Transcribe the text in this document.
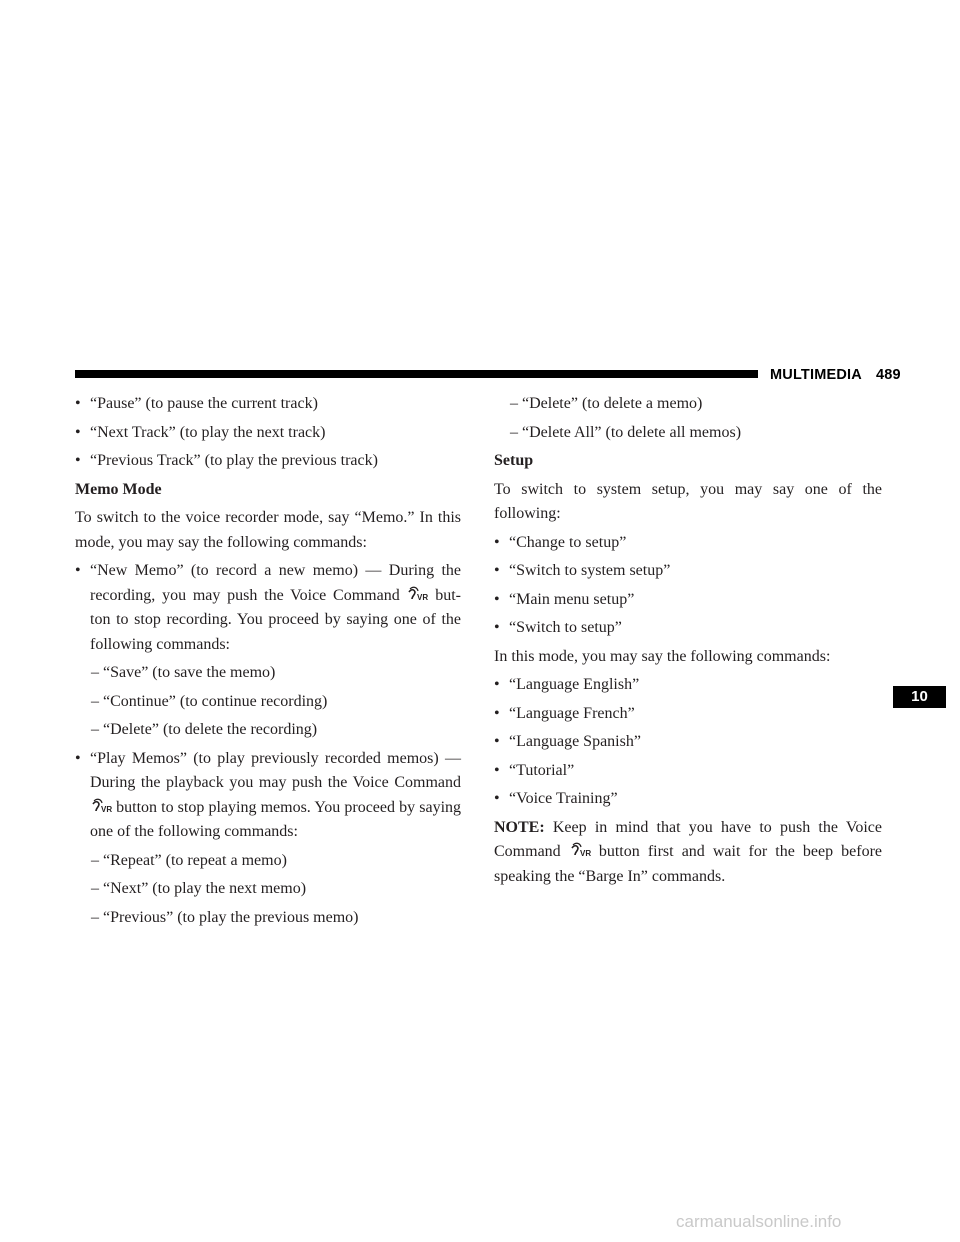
MULTIMEDIA 489
• “Pause” (to pause the current track)
• “Next Track” (to play the next track)
• “Previous Track” (to play the previous track)
Memo Mode
To switch to the voice recorder mode, say “Memo.” In this mode, you may say the following commands:
• “New Memo” (to record a new memo) — During the recording, you may push the Voice Command VR but- ton to stop recording. You proceed by saying one of the following commands:
– “Save” (to save the memo)
– “Continue” (to continue recording)
– “Delete” (to delete the recording)
• “Play Memos” (to play previously recorded memos) — During the playback you may push the Voice Command
VR button to stop playing memos. You proceed by saying one of the following commands:
– “Repeat” (to repeat a memo)
– “Next” (to play the next memo)
– “Previous” (to play the previous memo)
– “Delete” (to delete a memo)
– “Delete All” (to delete all memos)
Setup
To switch to system setup, you may say one of the following:
• “Change to setup”
• “Switch to system setup”
• “Main menu setup”
• “Switch to setup”
In this mode, you may say the following commands:
• “Language English”
• “Language French”
• “Language Spanish”
• “Tutorial”
• “Voice Training”
NOTE: Keep in mind that you have to push the Voice Command VR button first and wait for the beep before speaking the “Barge In” commands.
10
carmanualsonline.info
